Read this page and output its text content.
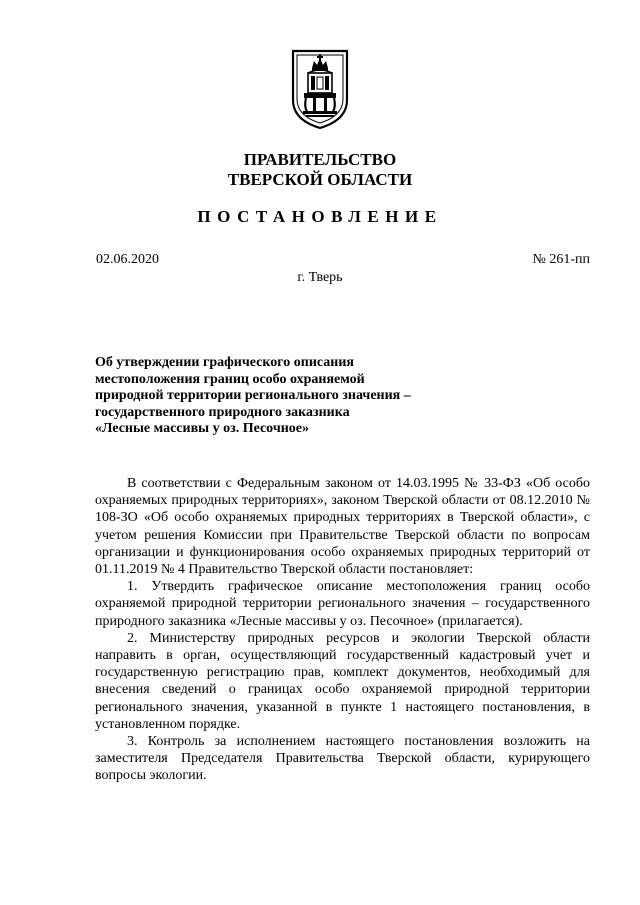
ПРАВИТЕЛЬСТВО
ТВЕРСКОЙ ОБЛАСТИ
ПОСТАНОВЛЕНИЕ
02.06.2020	№ 261-пп
г. Тверь
Об утверждении графического описания
местоположения границ особо охраняемой
природной территории регионального значения –
государственного природного заказника
«Лесные массивы у оз. Песочное»

В соответствии с Федеральным законом от 14.03.1995 № 33-ФЗ «Об особо охраняемых природных территориях», законом Тверской области от 08.12.2010 № 108-ЗО «Об особо охраняемых природных территориях в Тверской области», с учетом решения Комиссии при Правительстве Тверской области по вопросам организации и функционирования особо охраняемых природных территорий от 01.11.2019 № 4 Правительство Тверской области постановляет:

1. Утвердить графическое описание местоположения границ особо охраняемой природной территории регионального значения – государственного природного заказника «Лесные массивы у оз. Песочное» (прилагается).

2. Министерству природных ресурсов и экологии Тверской области направить в орган, осуществляющий государственный кадастровый учет и государственную регистрацию прав, комплект документов, необходимый для внесения сведений о границах особо охраняемой природной территории регионального значения, указанной в пункте 1 настоящего постановления, в установленном порядке.

3. Контроль за исполнением настоящего постановления возложить на заместителя Председателя Правительства Тверской области, курирующего вопросы экологии.
